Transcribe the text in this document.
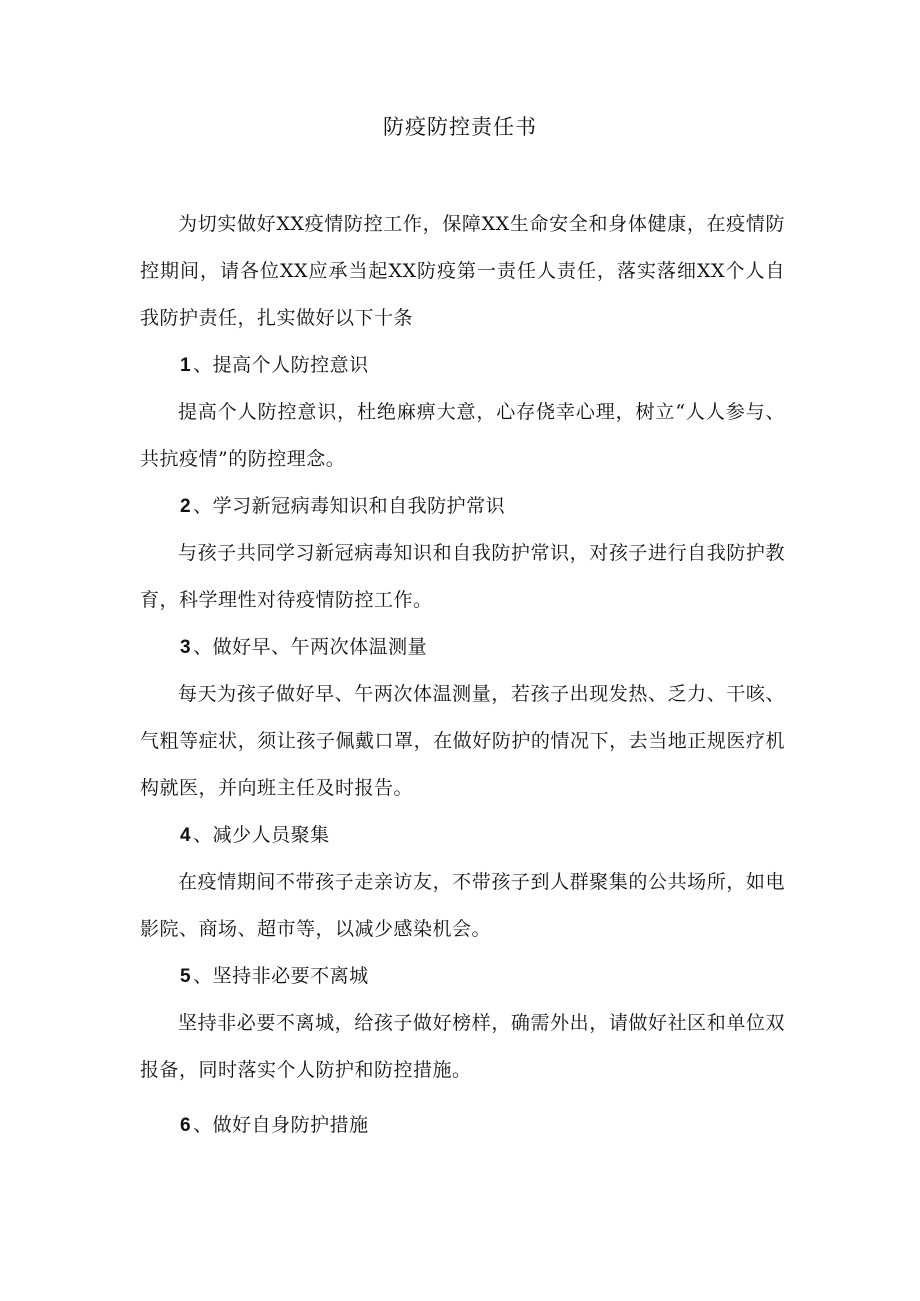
防疫防控责任书

为切实做好XX疫情防控工作，保障XX生命安全和身体健康，在疫情防控期间，请各位XX应承当起XX防疫第一责任人责任，落实落细XX个人自我防护责任，扎实做好以下十条

1 、提高个人防控意识

提高个人防控意识，杜绝麻痹大意，心存侥幸心理，树立“人人参与、共抗疫情”的防控理念。

2 、学习新冠病毒知识和自我防护常识

与孩子共同学习新冠病毒知识和自我防护常识，对孩子进行自我防护教育，科学理性对待疫情防控工作。

3 、做好早、午两次体温测量

每天为孩子做好早、午两次体温测量，若孩子出现发热、乏力、干咳、气粗等症状，须让孩子佩戴口罩，在做好防护的情况下，去当地正规医疗机构就医，并向班主任及时报告。

4 、减少人员聚集

在疫情期间不带孩子走亲访友，不带孩子到人群聚集的公共场所，如电影院、商场、超市等，以减少感染机会。

5 、坚持非必要不离城

坚持非必要不离城，给孩子做好榜样，确需外出，请做好社区和单位双报备，同时落实个人防护和防控措施。

6 、做好自身防护措施
